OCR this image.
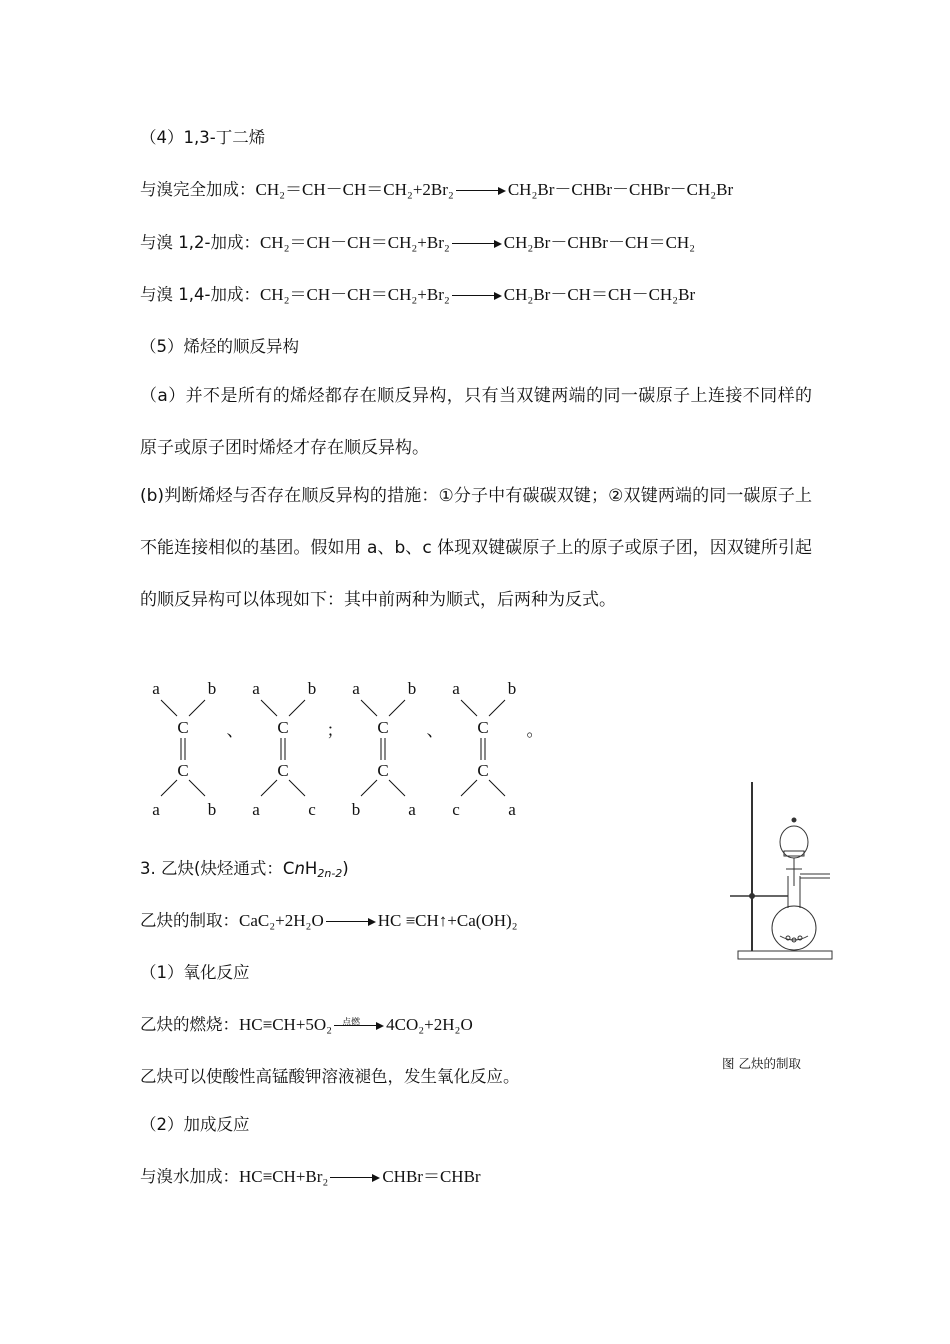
（4）1,3-丁二烯
与溴完全加成：CH₂＝CH－CH＝CH₂+2Br₂	CH₂Br－CHBr－CHBr－CH₂Br
与溴 1,2-加成：CH₂＝CH－CH＝CH₂+Br₂	CH₂Br－CHBr－CH＝CH₂
与溴 1,4-加成：CH₂＝CH－CH＝CH₂+Br₂	CH₂Br－CH＝CH－CH₂Br
（5）烯烃的顺反异构
（a）并不是所有的烯烃都存在顺反异构，只有当双键两端的同一碳原子上连接不同样的原子或原子团时烯烃才存在顺反异构。
(b)判断烯烃与否存在顺反异构的措施：①分子中有碳碳双键；②双键两端的同一碳原子上不能连接相似的基团。假如用 a、b、c 体现双键碳原子上的原子或原子团，因双键所引起的顺反异构可以体现如下：其中前两种为顺式，后两种为反式。
a	b
C
C
a	b
、
a	b
C
C
a	c
；
a	b
C
C
b	a
、
a	b
C
C
c	a
。
3. 乙炔(炔烃通式：CnH$_{2n-2}$)
乙炔的制取：CaC₂+2H₂O	HC ≡CH↑+Ca(OH)₂
（1）氧化反应
乙炔的燃烧：HC≡CH+5O₂ 点燃 4CO₂+2H₂O
乙炔可以使酸性高锰酸钾溶液褪色，发生氧化反应。
（2）加成反应
与溴水加成：HC≡CH+Br₂	CHBr＝CHBr
图 乙炔的制取
